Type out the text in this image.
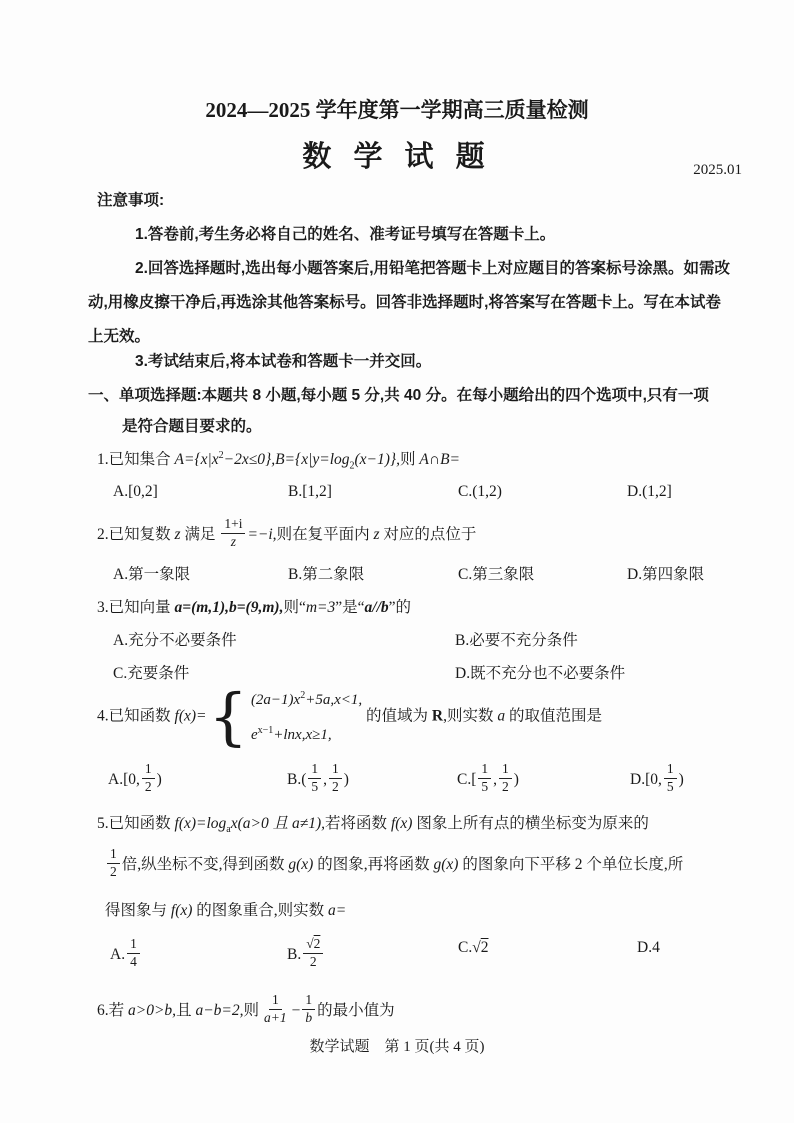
2024—2025 学年度第一学期高三质量检测
数 学 试 题	2025.01
注意事项:
1.答卷前,考生务必将自己的姓名、准考证号填写在答题卡上。
2.回答选择题时,选出每小题答案后,用铅笔把答题卡上对应题目的答案标号涂黑。如需改
动,用橡皮擦干净后,再选涂其他答案标号。回答非选择题时,将答案写在答题卡上。写在本试卷
上无效。
3.考试结束后,将本试卷和答题卡一并交回。
一、单项选择题:本题共 8 小题,每小题 5 分,共 40 分。在每小题给出的四个选项中,只有一项
是符合题目要求的。
1.已知集合 $A=\{x|x^2-2x\le 0\},B=\{x|y=\log_2(x-1)\}$,则 A∩B=
A.[0,2]	B.[1,2]	C.(1,2)	D.(1,2]
2.已知复数 z 满足 $\frac{1+i}{z} =-i$,则在复平面内 z 对应的点位于
A.第一象限	B.第二象限	C.第三象限	D.第四象限
3.已知向量 a=(m,1),b=(9,m),则“m=3”是“a//b”的
A.充分不必要条件	B.必要不充分条件
C.充要条件	D.既不充分也不必要条件
4.已知函数 f(x)= { $(2a-1)x^2+5a,x<1$,
$e^{x-1}+\ln x,x\ge 1$,
的值域为 R,则实数 a 的取值范围是
A.[0, $\frac{1}{2}$ )	$B.( \frac{1}{5}$ , $\frac{1}{2}$ )	$C.[ \frac{1}{5}$ , $\frac{1}{2}$ )	D.[0, $\frac{1}{5}$ )
5.已知函数 $f(x)=\log_ax(a>0$ 且 a≠1),若将函数 f(x) 图象上所有点的横坐标变为原来的
$\frac{1}{2}$ 倍,纵坐标不变,得到函数 g(x) 的图象,再将函数 g(x) 的图象向下平移 2 个单位长度,所
得图象与 f(x) 的图象重合,则实数 a=
A. $\frac{1}{4}$	B. $\frac{√2}{2}$	C.√2	D.4
6.若 a>0>b,且 a−b=2,则 $\frac{1}{a+1} - \frac{1}{b}$ 的最小值为
数学试题　第 1 页(共 4 页)
